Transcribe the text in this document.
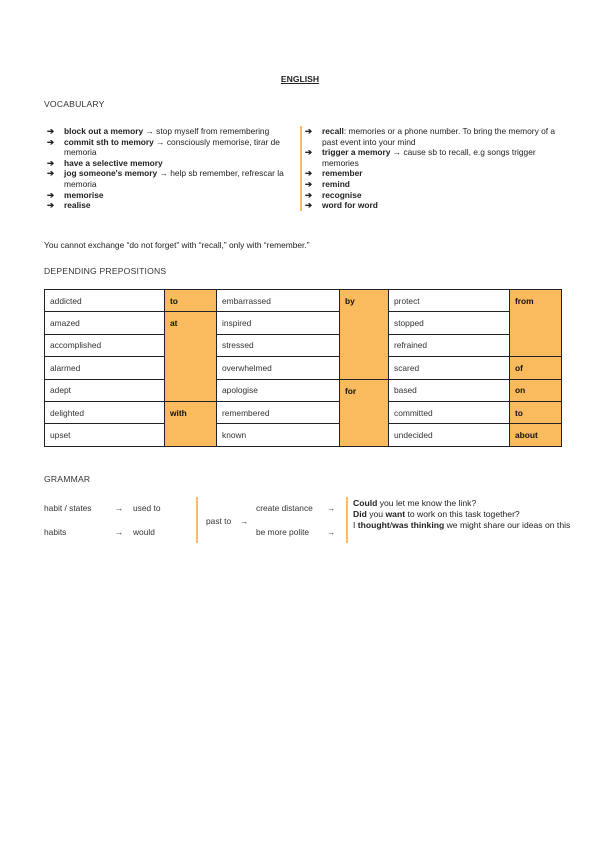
ENGLISH
VOCABULARY
➔ block out a memory → stop myself from remembering
➔ commit sth to memory → consciously memorise, tirar de memoria
➔ have a selective memory
➔ jog someone's memory → help sb remember, refrescar la memoria
➔ memorise
➔ realise
➔ recall: memories or a phone number. To bring the memory of a past event into your mind
➔ trigger a memory → cause sb to recall, e.g songs trigger memories
➔ remember
➔ remind
➔ recognise
➔ word for word
You cannot exchange “do not forget” with “recall,” only with “remember.”
DEPENDING PREPOSITIONS
addicted	to	embarrassed	by	protect	from
amazed	at	inspired		stopped	
accomplished		stressed		refrained	
alarmed		overwhelmed		scared	of
adept		apologise	for	based	on
delighted	with	remembered		committed	to
upset		known		undecided	about
GRAMMAR
habit / states	→ used to
habits	→ would
past to →
create distance →
be more polite →
Could you let me know the link?
Did you want to work on this task together?
I thought/was thinking we might share our ideas on this
